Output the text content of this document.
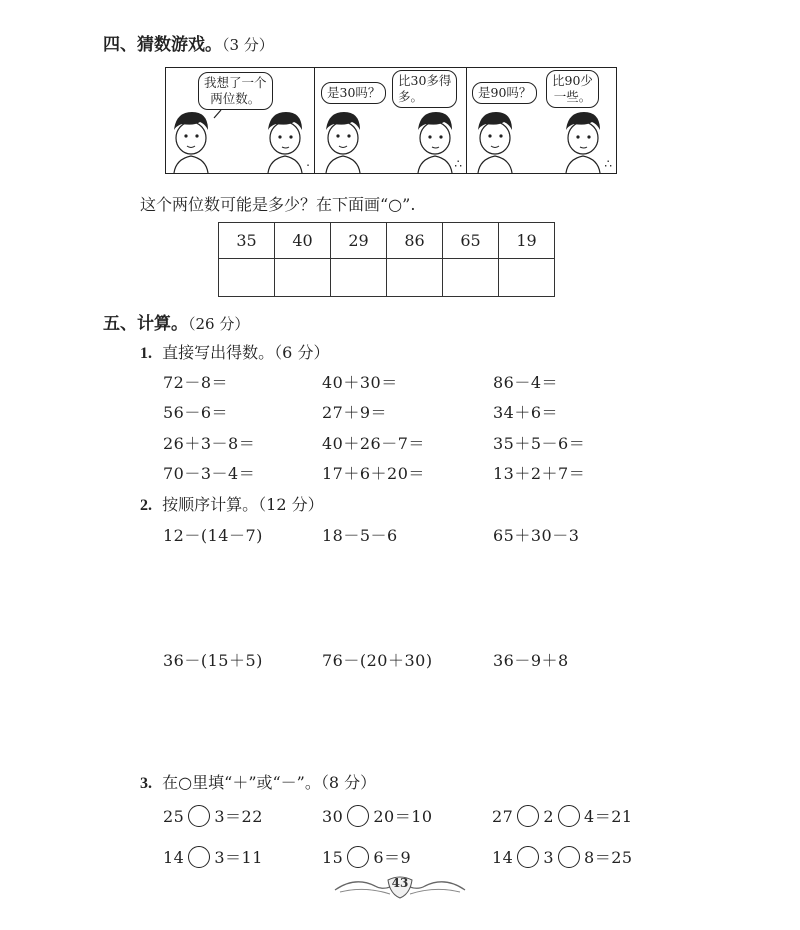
四、猜数游戏。（3 分）
我想了一个
两位数。
.
是30吗？
比30多得
多。
∴
是90吗？
比90少
一些。
∴
这个两位数可能是多少？在下面画“○”.
35	40	29	86	65	19

五、计算。（26 分）
1. 直接写出得数。（6 分）
72－8＝	40＋30＝	86－4＝
56－6＝	27＋9＝	34＋6＝
26＋3－8＝	40＋26－7＝	35＋5－6＝
70－3－4＝	17＋6＋20＝	13＋2＋7＝
2. 按顺序计算。（12 分）
12－(14－7)	18－5－6	65＋30－3
36－(15＋5)	76－(20＋30)	36－9＋8
3. 在○里填“＋”或“－”。（8 分）
25 3＝22	30 20＝10	27 2 4＝21
14 3＝11	15 6＝9	14 3 8＝25
43
